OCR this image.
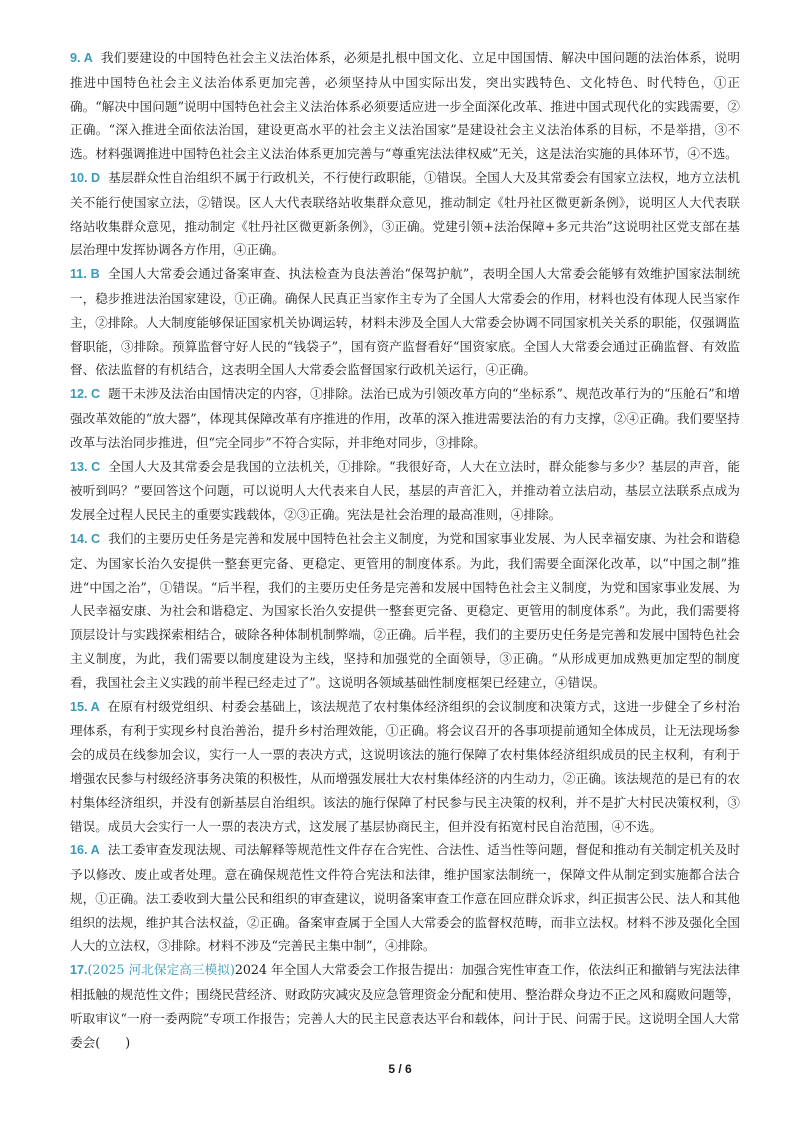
9. A 我们要建设的中国特色社会主义法治体系，必须是扎根中国文化、立足中国国情、解决中国问题的法治体系，说明推进中国特色社会主义法治体系更加完善，必须坚持从中国实际出发，突出实践特色、文化特色、时代特色，①正确。“解决中国问题”说明中国特色社会主义法治体系必须要适应进一步全面深化改革、推进中国式现代化的实践需要，②正确。“深入推进全面依法治国，建设更高水平的社会主义法治国家”是建设社会主义法治体系的目标，不是举措，③不选。材料强调推进中国特色社会主义法治体系更加完善与“尊重宪法法律权威”无关，这是法治实施的具体环节，④不选。

10. D 基层群众性自治组织不属于行政机关，不行使行政职能，①错误。全国人大及其常委会有国家立法权，地方立法机关不能行使国家立法，②错误。区人大代表联络站收集群众意见，推动制定《牡丹社区微更新条例》，说明区人大代表联络站收集群众意见，推动制定《牡丹社区微更新条例》，③正确。党建引领+法治保障+多元共治”这说明社区党支部在基层治理中发挥协调各方作用，④正确。

11. B 全国人大常委会通过备案审查、执法检查为良法善治“保驾护航”，表明全国人大常委会能够有效维护国家法制统一，稳步推进法治国家建设，①正确。确保人民真正当家作主专为了全国人大常委会的作用，材料也没有体现人民当家作主，②排除。人大制度能够保证国家机关协调运转，材料未涉及全国人大常委会协调不同国家机关关系的职能，仅强调监督职能，③排除。预算监督守好人民的“钱袋子”，国有资产监督看好“国资家底。全国人大常委会通过正确监督、有效监督、依法监督的有机结合，这表明全国人大常委会监督国家行政机关运行，④正确。

12. C 题干未涉及法治由国情决定的内容，①排除。法治已成为引领改革方向的“坐标系”、规范改革行为的“压舱石”和增强改革效能的“放大器”，体现其保障改革有序推进的作用，改革的深入推进需要法治的有力支撑，②④正确。我们要坚持改革与法治同步推进，但“完全同步”不符合实际，并非绝对同步，③排除。

13. C 全国人大及其常委会是我国的立法机关，①排除。“我很好奇，人大在立法时，群众能参与多少？基层的声音，能被听到吗？”要回答这个问题，可以说明人大代表来自人民，基层的声音汇入，并推动着立法启动，基层立法联系点成为发展全过程人民民主的重要实践载体，②③正确。宪法是社会治理的最高准则，④排除。

14. C 我们的主要历史任务是完善和发展中国特色社会主义制度，为党和国家事业发展、为人民幸福安康、为社会和谐稳定、为国家长治久安提供一整套更完备、更稳定、更管用的制度体系。为此，我们需要全面深化改革，以“中国之制”推进“中国之治”，①错误。“后半程，我们的主要历史任务是完善和发展中国特色社会主义制度，为党和国家事业发展、为人民幸福安康、为社会和谐稳定、为国家长治久安提供一整套更完备、更稳定、更管用的制度体系”。为此，我们需要将顶层设计与实践探索相结合，破除各种体制机制弊端，②正确。后半程，我们的主要历史任务是完善和发展中国特色社会主义制度，为此，我们需要以制度建设为主线，坚持和加强党的全面领导，③正确。“从形成更加成熟更加定型的制度看，我国社会主义实践的前半程已经走过了”。这说明各领域基础性制度框架已经建立，④错误。

15. A 在原有村级党组织、村委会基础上，该法规范了农村集体经济组织的会议制度和决策方式，这进一步健全了乡村治理体系，有利于实现乡村良治善治，提升乡村治理效能，①正确。将会议召开的各事项提前通知全体成员，让无法现场参会的成员在线参加会议，实行一人一票的表决方式，这说明该法的施行保障了农村集体经济组织成员的民主权利，有利于增强农民参与村级经济事务决策的积极性，从而增强发展壮大农村集体经济的内生动力，②正确。该法规范的是已有的农村集体经济组织，并没有创新基层自治组织。该法的施行保障了村民参与民主决策的权利，并不是扩大村民决策权利，③错误。成员大会实行一人一票的表决方式，这发展了基层协商民主，但并没有拓宽村民自治范围，④不选。

16. A 法工委审查发现法规、司法解释等规范性文件存在合宪性、合法性、适当性等问题，督促和推动有关制定机关及时予以修改、废止或者处理。意在确保规范性文件符合宪法和法律，维护国家法制统一，保障文件从制定到实施都合法合规，①正确。法工委收到大量公民和组织的审查建议，说明备案审查工作意在回应群众诉求，纠正损害公民、法人和其他组织的法规，维护其合法权益，②正确。备案审查属于全国人大常委会的监督权范畴，而非立法权。材料不涉及强化全国人大的立法权，③排除。材料不涉及“完善民主集中制”，④排除。

17.(2025 河北保定高三模拟)2024 年全国人大常委会工作报告提出：加强合宪性审查工作，依法纠正和撤销与宪法法律相抵触的规范性文件；围绕民营经济、财政防灾减灾及应急管理资金分配和使用、整治群众身边不正之风和腐败问题等，听取审议“一府一委两院”专项工作报告；完善人大的民主民意表达平台和载体，问计于民、问需于民。这说明全国人大常委会(　　)

5 / 6
